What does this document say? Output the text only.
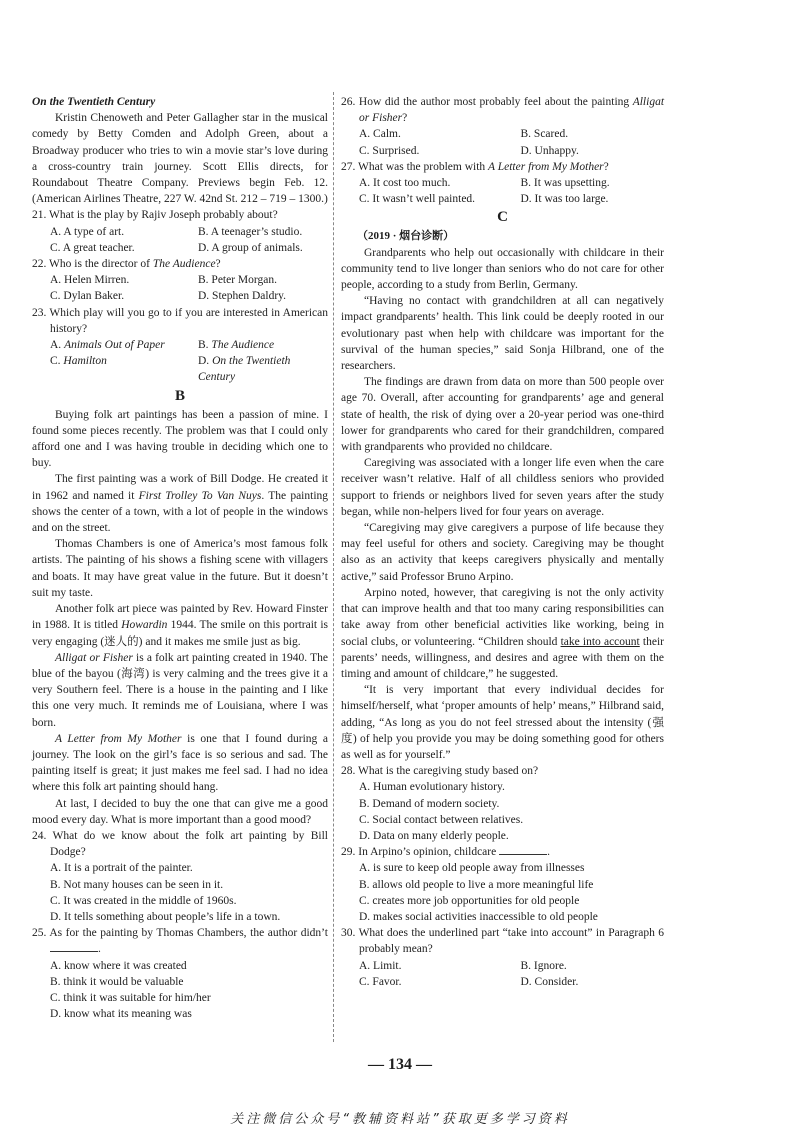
On the Twentieth Century

Kristin Chenoweth and Peter Gallagher star in the musical comedy by Betty Comden and Adolph Green, about a Broadway producer who tries to win a movie star’s love during a cross-country train journey. Scott Ellis directs, for Roundabout Theatre Company. Previews begin Feb. 12. (American Airlines Theatre, 227 W. 42nd St. 212 – 719 – 1300.)

21. What is the play by Rajiv Joseph probably about?

A. A type of art.	B. A teenager’s studio.
C. A great teacher.	D. A group of animals.

22. Who is the director of The Audience?

A. Helen Mirren.	B. Peter Morgan.
C. Dylan Baker.	D. Stephen Daldry.

23. Which play will you go to if you are interested in American history?

A. Animals Out of Paper	B. The Audience
C. Hamilton	D. On the Twentieth Century

B

Buying folk art paintings has been a passion of mine. I found some pieces recently. The problem was that I could only afford one and I was having trouble in deciding which one to buy.

The first painting was a work of Bill Dodge. He created it in 1962 and named it First Trolley To Van Nuys. The painting shows the center of a town, with a lot of people in the windows and on the street.

Thomas Chambers is one of America’s most famous folk artists. The painting of his shows a fishing scene with villagers and boats. It may have great value in the future. But it doesn’t suit my taste.

Another folk art piece was painted by Rev. Howard Finster in 1988. It is titled Howardin 1944. The smile on this portrait is very engaging (迷人的) and it makes me smile just as big.

Alligat or Fisher is a folk art painting created in 1940. The blue of the bayou (海湾) is very calming and the trees give it a very Southern feel. There is a house in the painting and I like this one very much. It reminds me of Louisiana, where I was born.

A Letter from My Mother is one that I found during a journey. The look on the girl’s face is so serious and sad. The painting itself is great; it just makes me feel sad. I had no idea where this folk art painting should hang.

At last, I decided to buy the one that can give me a good mood every day. What is more important than a good mood?

24. What do we know about the folk art painting by Bill Dodge?

A. It is a portrait of the painter.
B. Not many houses can be seen in it.
C. It was created in the middle of 1960s.
D. It tells something about people’s life in a town.

25. As for the painting by Thomas Chambers, the author didn’t .

A. know where it was created
B. think it would be valuable
C. think it was suitable for him/her
D. know what its meaning was

26. How did the author most probably feel about the painting Alligat or Fisher?

A. Calm.	B. Scared.
C. Surprised.	D. Unhappy.

27. What was the problem with A Letter from My Mother?

A. It cost too much.	B. It was upsetting.
C. It wasn’t well painted.	D. It was too large.

C

（2019 · 烟台诊断）

Grandparents who help out occasionally with childcare in their community tend to live longer than seniors who do not care for other people, according to a study from Berlin, Germany.

“Having no contact with grandchildren at all can negatively impact grandparents’ health. This link could be deeply rooted in our evolutionary past when help with childcare was important for the survival of the human species,” said Sonja Hilbrand, one of the researchers.

The findings are drawn from data on more than 500 people over age 70. Overall, after accounting for grandparents’ age and general state of health, the risk of dying over a 20-year period was one-third lower for grandparents who cared for their grandchildren, compared with grandparents who provided no childcare.

Caregiving was associated with a longer life even when the care receiver wasn’t relative. Half of all childless seniors who provided support to friends or neighbors lived for seven years after the study began, while non-helpers lived for four years on average.

“Caregiving may give caregivers a purpose of life because they may feel useful for others and society. Caregiving may be thought also as an activity that keeps caregivers physically and mentally active,” said Professor Bruno Arpino.

Arpino noted, however, that caregiving is not the only activity that can improve health and that too many caring responsibilities can take away from other beneficial activities like working, being in social clubs, or volunteering. “Children should take into account their parents’ needs, willingness, and desires and agree with them on the timing and amount of childcare,” he suggested.

“It is very important that every individual decides for himself/herself, what ‘proper amounts of help’ means,” Hilbrand said, adding, “As long as you do not feel stressed about the intensity (强度) of help you provide you may be doing something good for others as well as for yourself.”

28. What is the caregiving study based on?

A. Human evolutionary history.
B. Demand of modern society.
C. Social contact between relatives.
D. Data on many elderly people.

29. In Arpino’s opinion, childcare	.

A. is sure to keep old people away from illnesses
B. allows old people to live a more meaningful life
C. creates more job opportunities for old people
D. makes social activities inaccessible to old people

30. What does the underlined part “take into account” in Paragraph 6 probably mean?

A. Limit.	B. Ignore.
C. Favor.	D. Consider.
— 134 —
关注微信公众号“教辅资料站”获取更多学习资料
